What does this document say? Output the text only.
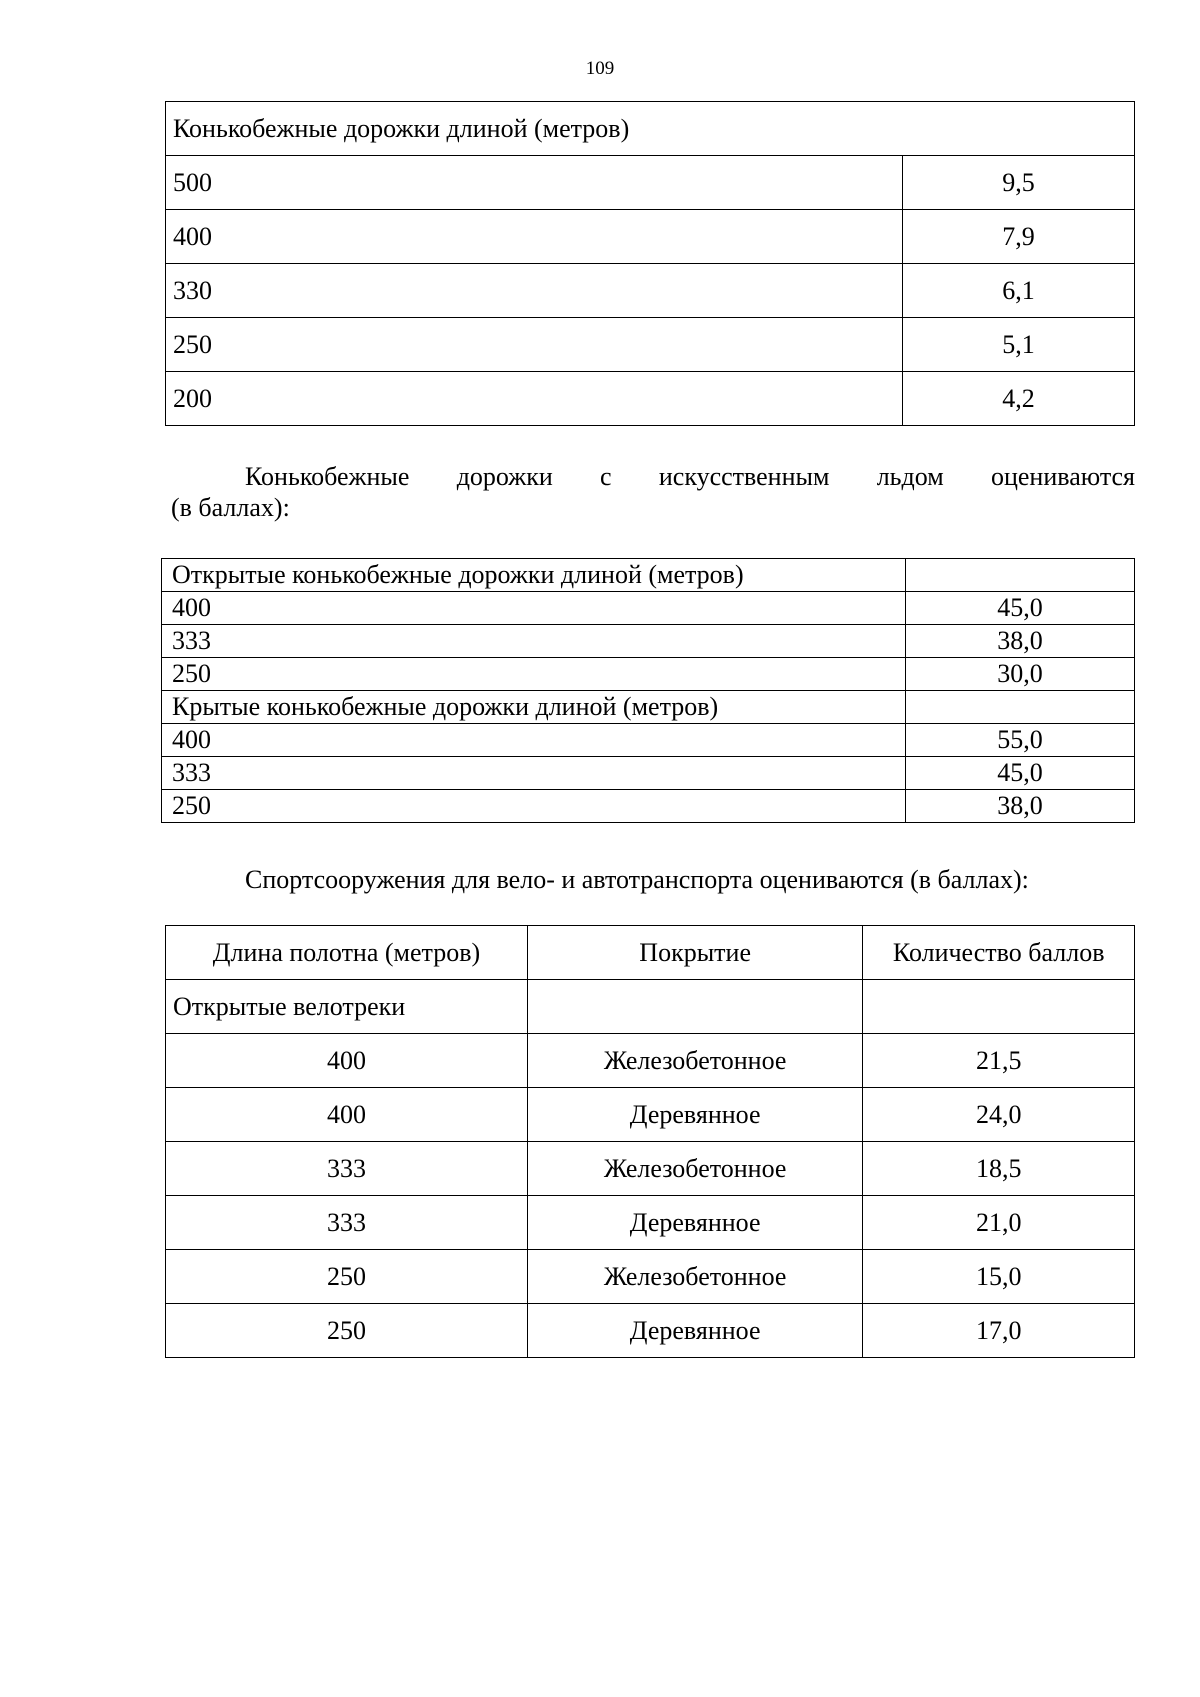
109
Конькобежные дорожки длиной (метров)	
500	9,5
400	7,9
330	6,1
250	5,1
200	4,2
Конькобежные дорожки с искусственным льдом оцениваются
(в баллах):
Открытые конькобежные дорожки длиной (метров)	
400	45,0
333	38,0
250	30,0
Крытые конькобежные дорожки длиной (метров)	
400	55,0
333	45,0
250	38,0
Спортсооружения для вело- и автотранспорта оцениваются (в баллах):
Длина полотна (метров)	Покрытие	Количество баллов
Открытые велотреки		
400	Железобетонное	21,5
400	Деревянное	24,0
333	Железобетонное	18,5
333	Деревянное	21,0
250	Железобетонное	15,0
250	Деревянное	17,0
